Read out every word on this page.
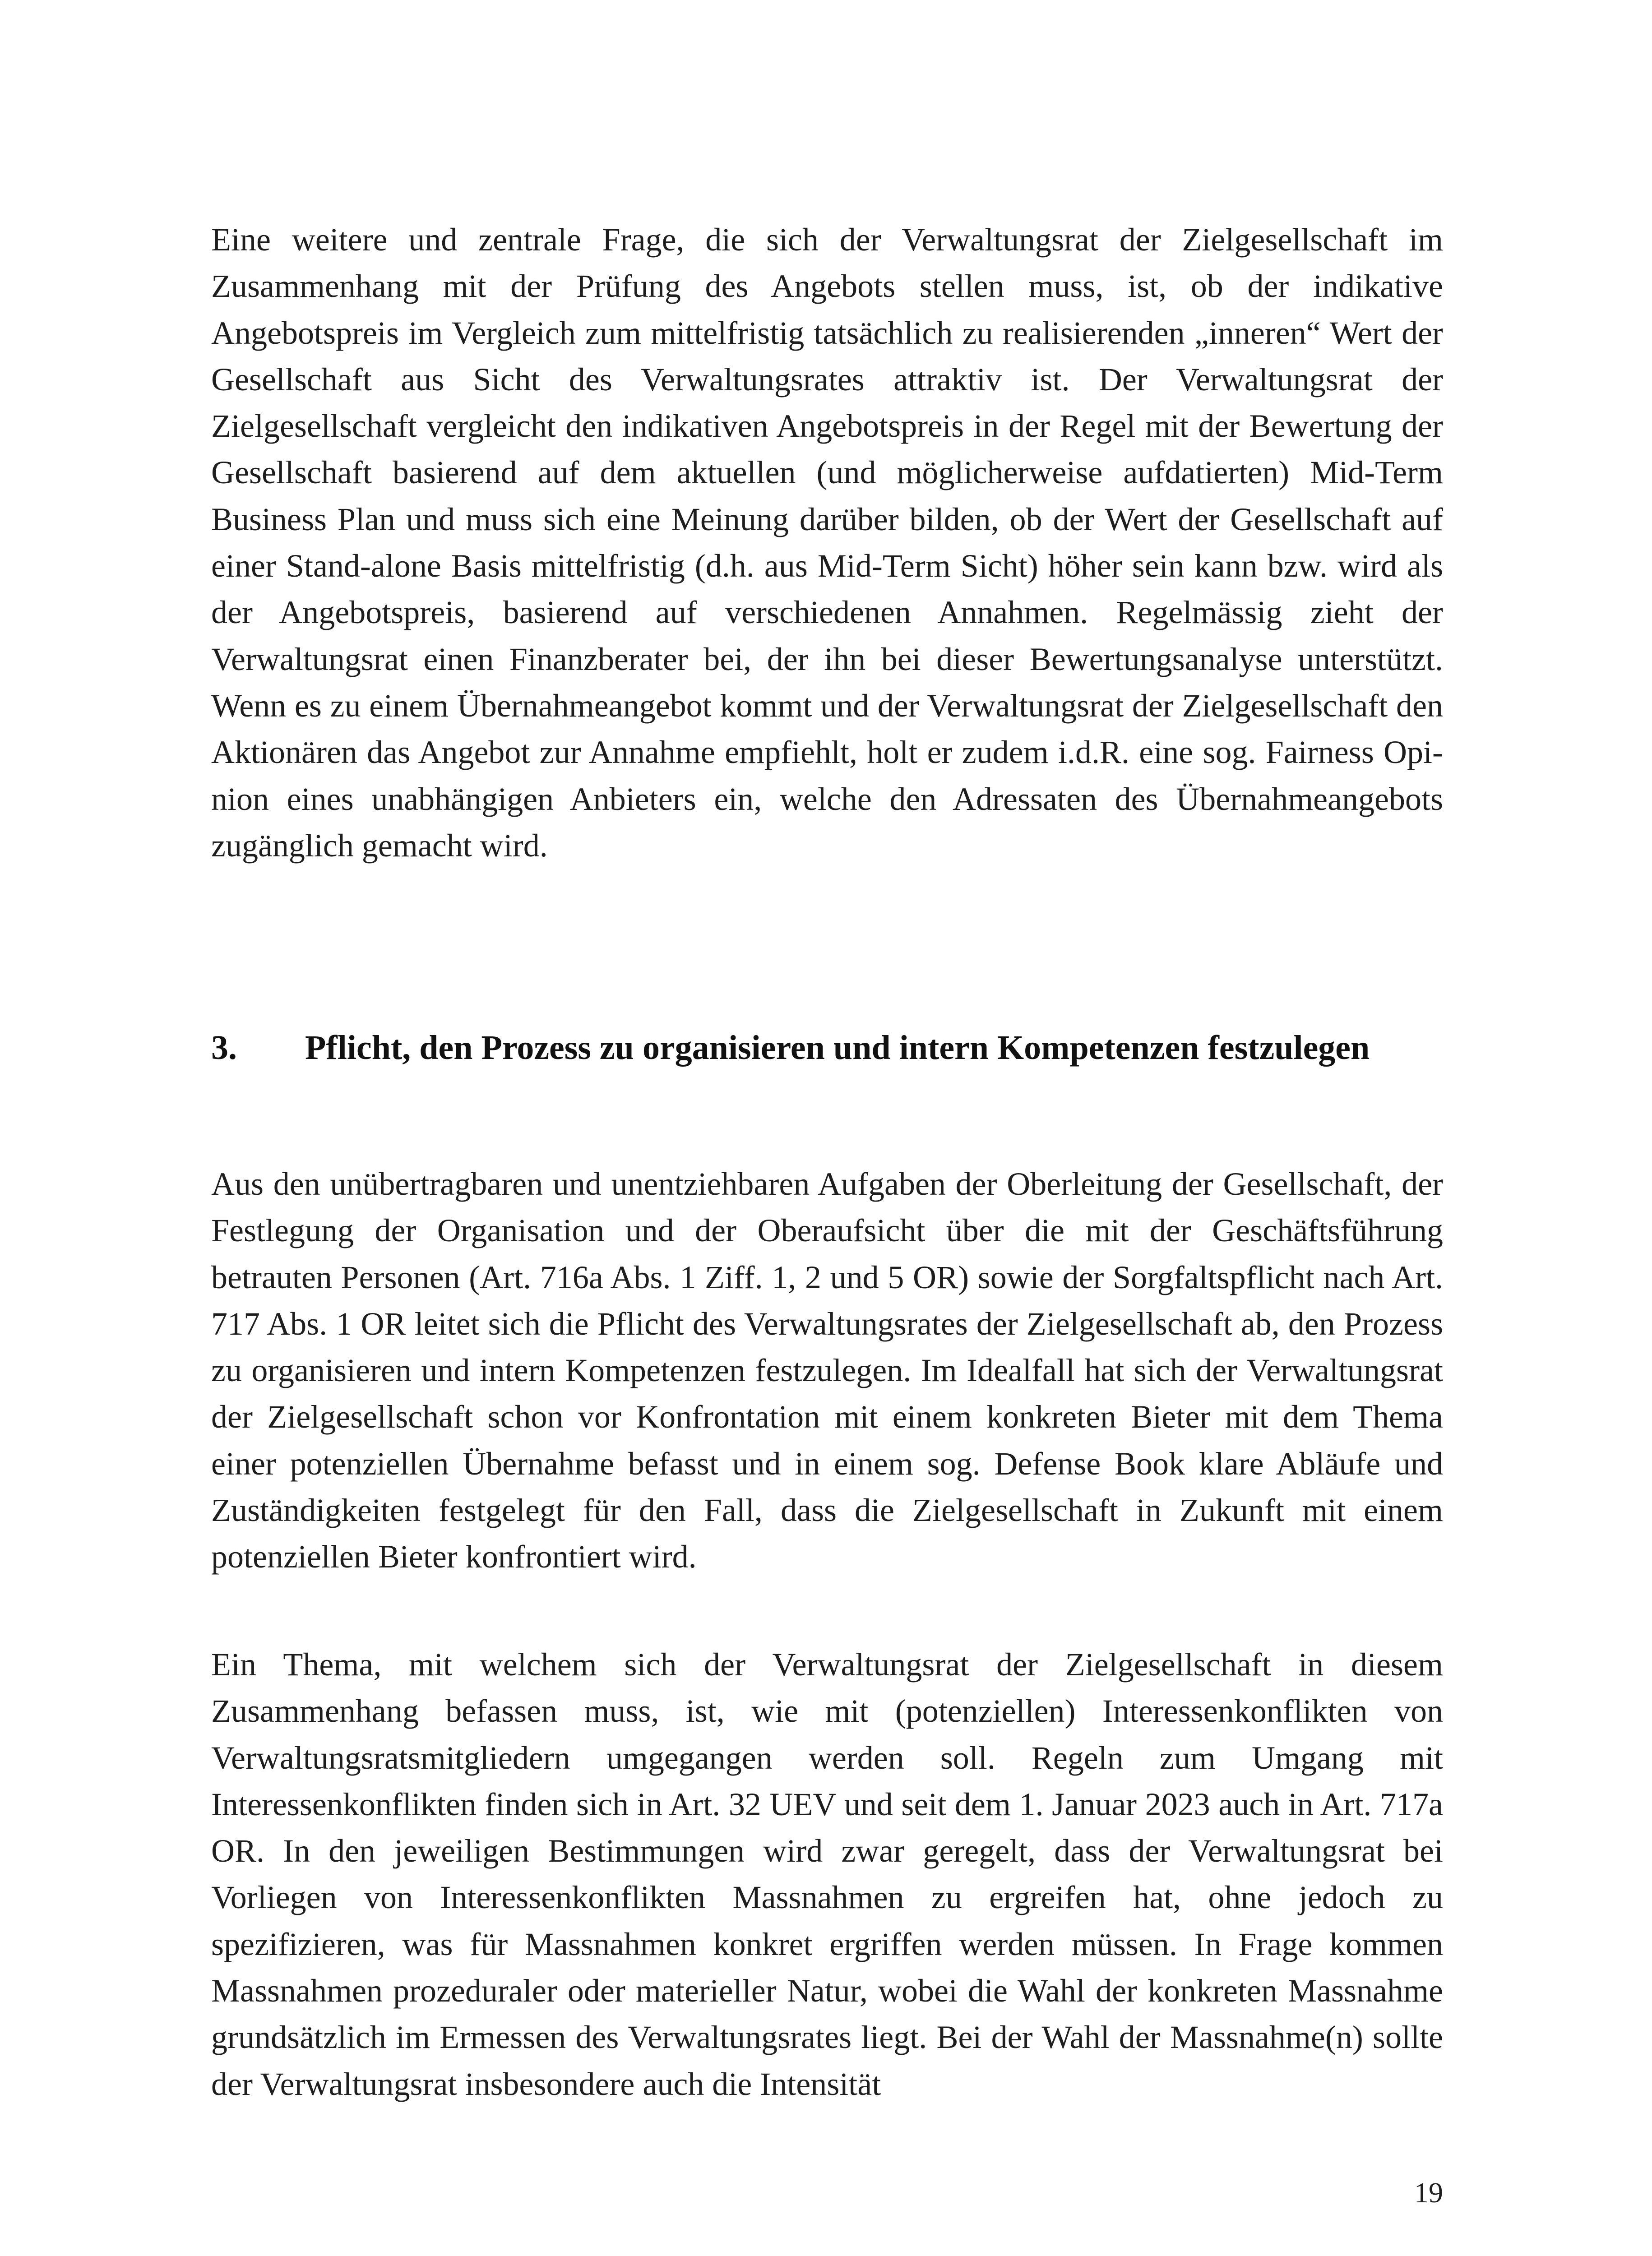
Eine weitere und zentrale Frage, die sich der Verwaltungsrat der Zielgesellschaft im Zusammenhang mit der Prüfung des Angebots stellen muss, ist, ob der indikative Angebotspreis im Vergleich zum mittelfristig tatsächlich zu realisierenden „inneren“ Wert der Gesellschaft aus Sicht des Verwaltungsrates attraktiv ist. Der Verwaltungsrat der Zielgesellschaft vergleicht den indikativen Angebotspreis in der Regel mit der Bewertung der Gesellschaft basierend auf dem aktuellen (und möglicherweise aufdatierten) Mid-Term Business Plan und muss sich eine Meinung darüber bilden, ob der Wert der Gesellschaft auf einer Stand-alone Basis mittelfristig (d.h. aus Mid-Term Sicht) höher sein kann bzw. wird als der Angebotspreis, basierend auf verschiedenen Annahmen. Regelmässig zieht der Verwaltungsrat einen Finanzberater bei, der ihn bei dieser Bewertungsanalyse unterstützt. Wenn es zu einem Übernahmeangebot kommt und der Verwaltungsrat der Zielgesellschaft den Aktionären das Angebot zur Annahme empfiehlt, holt er zudem i.d.R. eine sog. Fairness Opinion eines unabhängigen Anbieters ein, welche den Adressaten des Übernahmeangebots zugänglich gemacht wird.

3. Pflicht, den Prozess zu organisieren und intern Kompetenzen festzulegen

Aus den unübertragbaren und unentziehbaren Aufgaben der Oberleitung der Gesellschaft, der Festlegung der Organisation und der Oberaufsicht über die mit der Geschäftsführung betrauten Personen (Art. 716a Abs. 1 Ziff. 1, 2 und 5 OR) sowie der Sorgfaltspflicht nach Art. 717 Abs. 1 OR leitet sich die Pflicht des Verwaltungsrates der Zielgesellschaft ab, den Prozess zu organisieren und intern Kompetenzen festzulegen. Im Idealfall hat sich der Verwaltungsrat der Zielgesellschaft schon vor Konfrontation mit einem konkreten Bieter mit dem Thema einer potenziellen Übernahme befasst und in einem sog. Defense Book klare Abläufe und Zuständigkeiten festgelegt für den Fall, dass die Zielgesellschaft in Zukunft mit einem potenziellen Bieter konfrontiert wird.

Ein Thema, mit welchem sich der Verwaltungsrat der Zielgesellschaft in diesem Zusammenhang befassen muss, ist, wie mit (potenziellen) Interessenkonflikten von Verwaltungsratsmitgliedern umgegangen werden soll. Regeln zum Umgang mit Interessenkonflikten finden sich in Art. 32 UEV und seit dem 1. Januar 2023 auch in Art. 717a OR. In den jeweiligen Bestimmungen wird zwar geregelt, dass der Verwaltungsrat bei Vorliegen von Interessenkonflikten Massnahmen zu ergreifen hat, ohne jedoch zu spezifizieren, was für Massnahmen konkret ergriffen werden müssen. In Frage kommen Massnahmen prozeduraler oder materieller Natur, wobei die Wahl der konkreten Massnahme grundsätzlich im Ermessen des Verwaltungsrates liegt. Bei der Wahl der Massnahme(n) sollte der Verwaltungsrat insbesondere auch die Intensität

19
